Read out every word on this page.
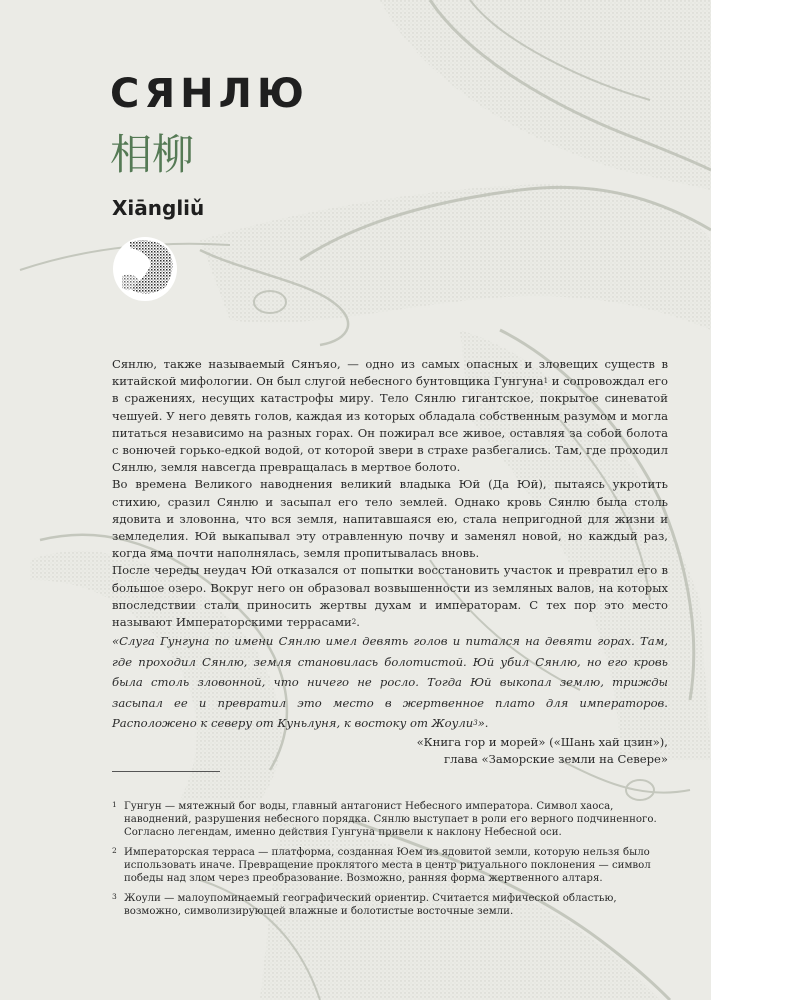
СЯНЛЮ
相柳
Xiāngliǔ

Сянлю, также называемый Сянъяо, — одно из самых опасных и зловещих существ в китайской мифологии. Он был слугой небесного бунтовщика Гунгуна$^1$ и сопровождал его в сражениях, несущих катастрофы миру. Тело Сянлю гигантское, покрытое синеватой чешуей. У него девять голов, каждая из которых обладала собственным разумом и могла питаться независимо на разных горах. Он пожирал все живое, оставляя за собой болота с вонючей горько-едкой водой, от которой звери в страхе разбегались. Там, где проходил Сянлю, земля навсегда превращалась в мертвое болото.

Во времена Великого наводнения великий владыка Юй (Да Юй), пытаясь укротить стихию, сразил Сянлю и засыпал его тело землей. Однако кровь Сянлю была столь ядовита и зловонна, что вся земля, напитавшаяся ею, стала непригодной для жизни и земледелия. Юй выкапывал эту отравленную почву и заменял новой, но каждый раз, когда яма почти наполнялась, земля пропитывалась вновь.

После череды неудач Юй отказался от попытки восстановить участок и превратил его в большое озеро. Вокруг него он образовал возвышенности из земляных валов, на которых впоследствии стали приносить жертвы духам и императорам. С тех пор это место называют Императорскими террасами$^2$.

«Слуга Гунгуна по имени Сянлю имел девять голов и питался на девяти горах. Там, где проходил Сянлю, земля становилась болотистой. Юй убил Сянлю, но его кровь была столь зловонной, что ничего не росло. Тогда Юй выкопал землю, трижды засыпал ее и превратил это место в жертвенное плато для императоров. Расположено к северу от Куньлуня, к востоку от Жоули$^3$».

«Книга гор и морей» («Шань хай цзин»),
глава «Заморские земли на Севере»

1 Гунгун — мятежный бог воды, главный антагонист Небесного императора. Символ хаоса, наводнений, разрушения небесного порядка. Сянлю выступает в роли его верного подчиненного. Согласно легендам, именно действия Гунгуна привели к наклону Небесной оси.
2 Императорская терраса — платформа, созданная Юем из ядовитой земли, которую нельзя было использовать иначе. Превращение проклятого места в центр ритуального поклонения — символ победы над злом через преобразование. Возможно, ранняя форма жертвенного алтаря.
3 Жоули — малоупоминаемый географический ориентир. Считается мифической областью, возможно, символизирующей влажные и болотистые восточные земли.
